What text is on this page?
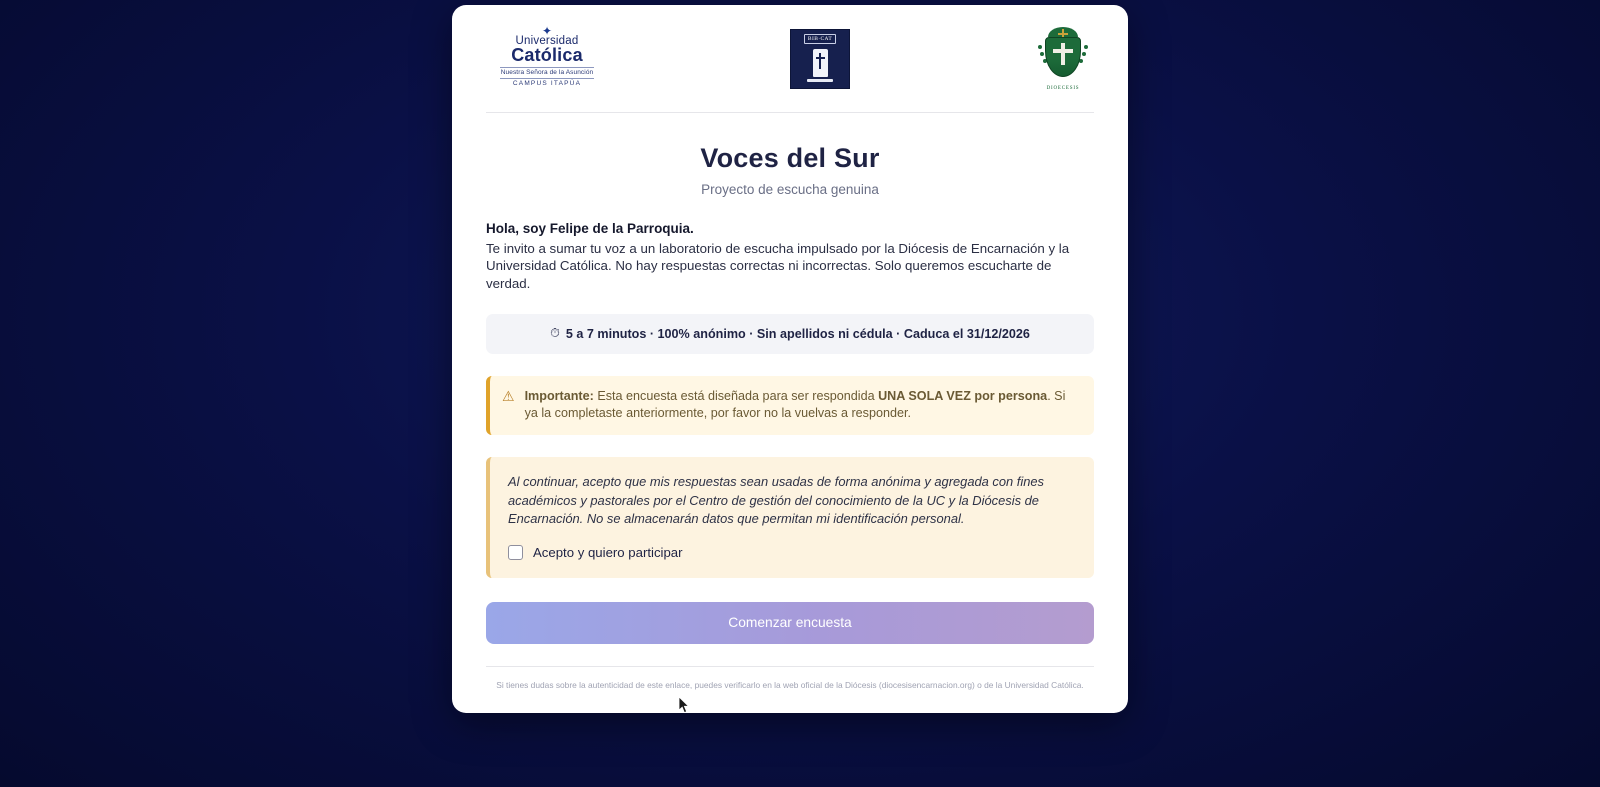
✦
Universidad
Católica
Nuestra Señora de la Asunción
CAMPUS ITAPÚA
BIB·CAT
DIOECESIS
Voces del Sur
Proyecto de escucha genuina
Hola, soy Felipe de la Parroquia.
Te invito a sumar tu voz a un laboratorio de escucha impulsado por la Diócesis de Encarnación y la Universidad Católica. No hay respuestas correctas ni incorrectas. Solo queremos escucharte de verdad.
⏱ 5 a 7 minutos · 100% anónimo · Sin apellidos ni cédula · Caduca el 31/12/2026
⚠ Importante: Esta encuesta está diseñada para ser respondida UNA SOLA VEZ por persona. Si ya la completaste anteriormente, por favor no la vuelvas a responder.
Al continuar, acepto que mis respuestas sean usadas de forma anónima y agregada con fines académicos y pastorales por el Centro de gestión del conocimiento de la UC y la Diócesis de Encarnación. No se almacenarán datos que permitan mi identificación personal.
Acepto y quiero participar
Comenzar encuesta
Si tienes dudas sobre la autenticidad de este enlace, puedes verificarlo en la web oficial de la Diócesis (diocesisencarnacion.org) o de la Universidad Católica.
